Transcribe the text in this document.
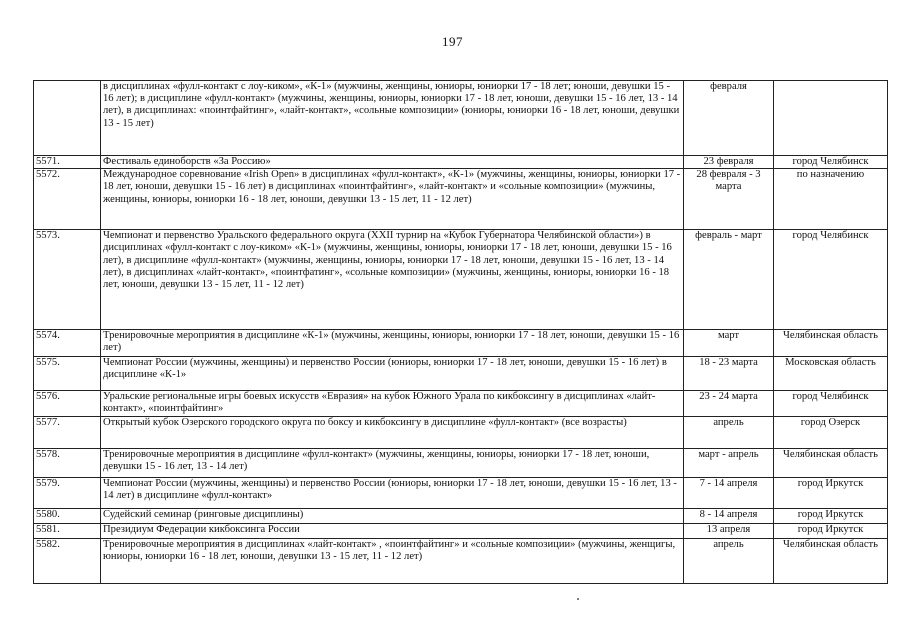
197
	в дисциплинах «фулл-контакт с лоу-киком», «К-1» (мужчины, женщины, юниоры, юниорки 17 - 18 лет; юноши, девушки 15 - 16 лет); в дисциплине «фулл-контакт» (мужчины, женщины, юниоры, юниорки 17 - 18 лет, юноши, девушки 15 - 16 лет, 13 - 14 лет), в дисциплинах: «поинтфайтинг», «лайт-контакт», «сольные композиции» (юниоры, юниорки 16 - 18 лет, юноши, девушки 13 - 15 лет)	февраля	
5571.	Фестиваль единоборств «За Россию»	23 февраля	город Челябинск
5572.	Международное соревнование «Irish Open» в дисциплинах «фулл-контакт», «К-1» (мужчины, женщины, юниоры, юниорки 17 - 18 лет, юноши, девушки 15 - 16 лет) в дисциплинах «поинтфайтинг», «лайт-контакт» и «сольные композиции» (мужчины, женщины, юниоры, юниорки 16 - 18 лет, юноши, девушки 13 - 15 лет, 11 - 12 лет)	28 февраля - 3 марта	по назначению
5573.	Чемпионат и первенство Уральского федерального округа (XXII турнир на «Кубок Губернатора Челябинской области») в дисциплинах «фулл-контакт с лоу-киком» «К-1» (мужчины, женщины, юниоры, юниорки 17 - 18 лет, юноши, девушки 15 - 16 лет), в дисциплине «фулл-контакт» (мужчины, женщины, юниоры, юниорки 17 - 18 лет, юноши, девушки 15 - 16 лет, 13 - 14 лет), в дисциплинах «лайт-контакт», «поинтфатинг», «сольные композиции» (мужчины, женщины, юниоры, юниорки 16 - 18 лет, юноши, девушки 13 - 15 лет, 11 - 12 лет)	февраль - март	город Челябинск
5574.	Тренировочные мероприятия в дисциплине «К-1» (мужчины, женщины, юниоры, юниорки 17 - 18 лет, юноши, девушки 15 - 16 лет)	март	Челябинская область
5575.	Чемпионат России (мужчины, женщины) и первенство России (юниоры, юниорки 17 - 18 лет, юноши, девушки 15 - 16 лет) в дисциплине «К-1»	18 - 23 марта	Московская область
5576.	Уральские региональные игры боевых искусств «Евразия» на кубок Южного Урала по кикбоксингу в дисциплинах «лайт-контакт», «поинтфайтинг»	23 - 24 марта	город Челябинск
5577.	Открытый кубок Озерского городского округа по боксу и кикбоксингу в дисциплине «фулл-контакт» (все возрасты)	апрель	город Озерск
5578.	Тренировочные мероприятия в дисциплине «фулл-контакт» (мужчины, женщины, юниоры, юниорки 17 - 18 лет, юноши, девушки 15 - 16 лет, 13 - 14 лет)	март - апрель	Челябинская область
5579.	Чемпионат России (мужчины, женщины) и первенство России (юниоры, юниорки 17 - 18 лет, юноши, девушки 15 - 16 лет, 13 - 14 лет) в дисциплине «фулл-контакт»	7 - 14 апреля	город Иркутск
5580.	Судейский семинар (ринговые дисциплины)	8 - 14 апреля	город Иркутск
5581.	Президиум Федерации кикбоксинга России	13 апреля	город Иркутск
5582.	Тренировочные мероприятия в дисциплинах «лайт-контакт» , «поинтфайтинг» и «сольные композиции» (мужчины, женщигы, юниоры, юниорки 16 - 18 лет, юноши, девушки 13 - 15 лет, 11 - 12 лет)	апрель	Челябинская область
